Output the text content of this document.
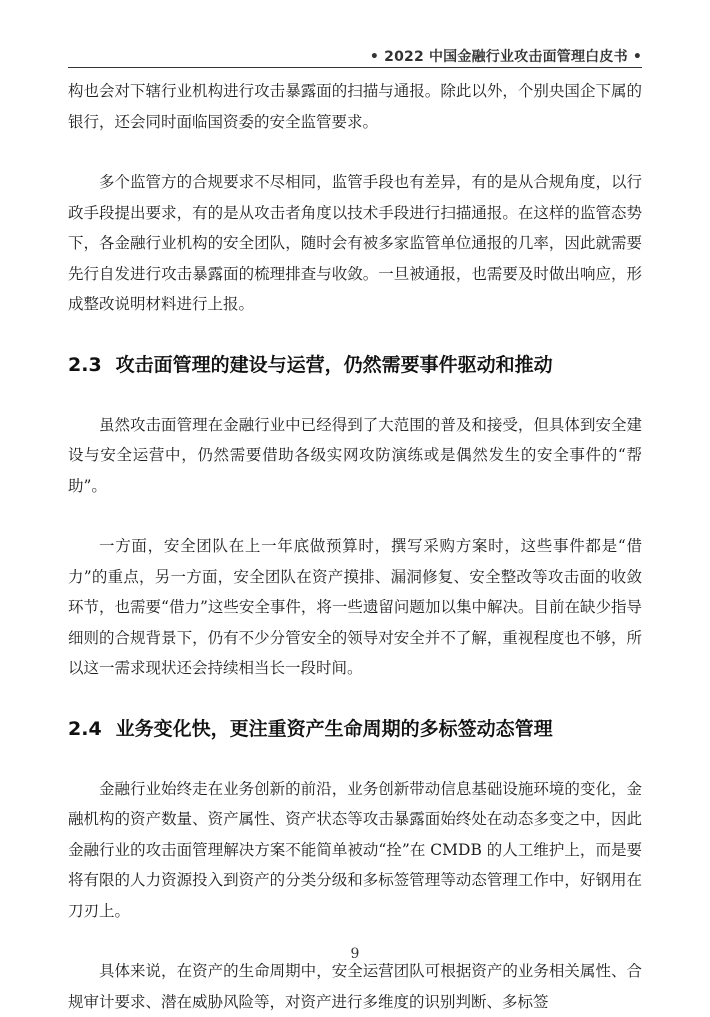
• 2022 中国金融行业攻击面管理白皮书 •

构也会对下辖行业机构进行攻击暴露面的扫描与通报。除此以外，个别央国企下属的银行，还会同时面临国资委的安全监管要求。

多个监管方的合规要求不尽相同，监管手段也有差异，有的是从合规角度，以行政手段提出要求，有的是从攻击者角度以技术手段进行扫描通报。在这样的监管态势下，各金融行业机构的安全团队，随时会有被多家监管单位通报的几率，因此就需要先行自发进行攻击暴露面的梳理排查与收敛。一旦被通报，也需要及时做出响应，形成整改说明材料进行上报。

2.3 攻击面管理的建设与运营，仍然需要事件驱动和推动

虽然攻击面管理在金融行业中已经得到了大范围的普及和接受，但具体到安全建设与安全运营中，仍然需要借助各级实网攻防演练或是偶然发生的安全事件的“帮助”。

一方面，安全团队在上一年底做预算时，撰写采购方案时，这些事件都是“借力”的重点，另一方面，安全团队在资产摸排、漏洞修复、安全整改等攻击面的收敛环节，也需要“借力”这些安全事件，将一些遗留问题加以集中解决。目前在缺少指导细则的合规背景下，仍有不少分管安全的领导对安全并不了解，重视程度也不够，所以这一需求现状还会持续相当长一段时间。

2.4 业务变化快，更注重资产生命周期的多标签动态管理

金融行业始终走在业务创新的前沿，业务创新带动信息基础设施环境的变化，金融机构的资产数量、资产属性、资产状态等攻击暴露面始终处在动态多变之中，因此金融行业的攻击面管理解决方案不能简单被动“拴”在 CMDB 的人工维护上，而是要将有限的人力资源投入到资产的分类分级和多标签管理等动态管理工作中，好钢用在刀刃上。

具体来说，在资产的生命周期中，安全运营团队可根据资产的业务相关属性、合规审计要求、潜在威胁风险等，对资产进行多维度的识别判断、多标签

9
